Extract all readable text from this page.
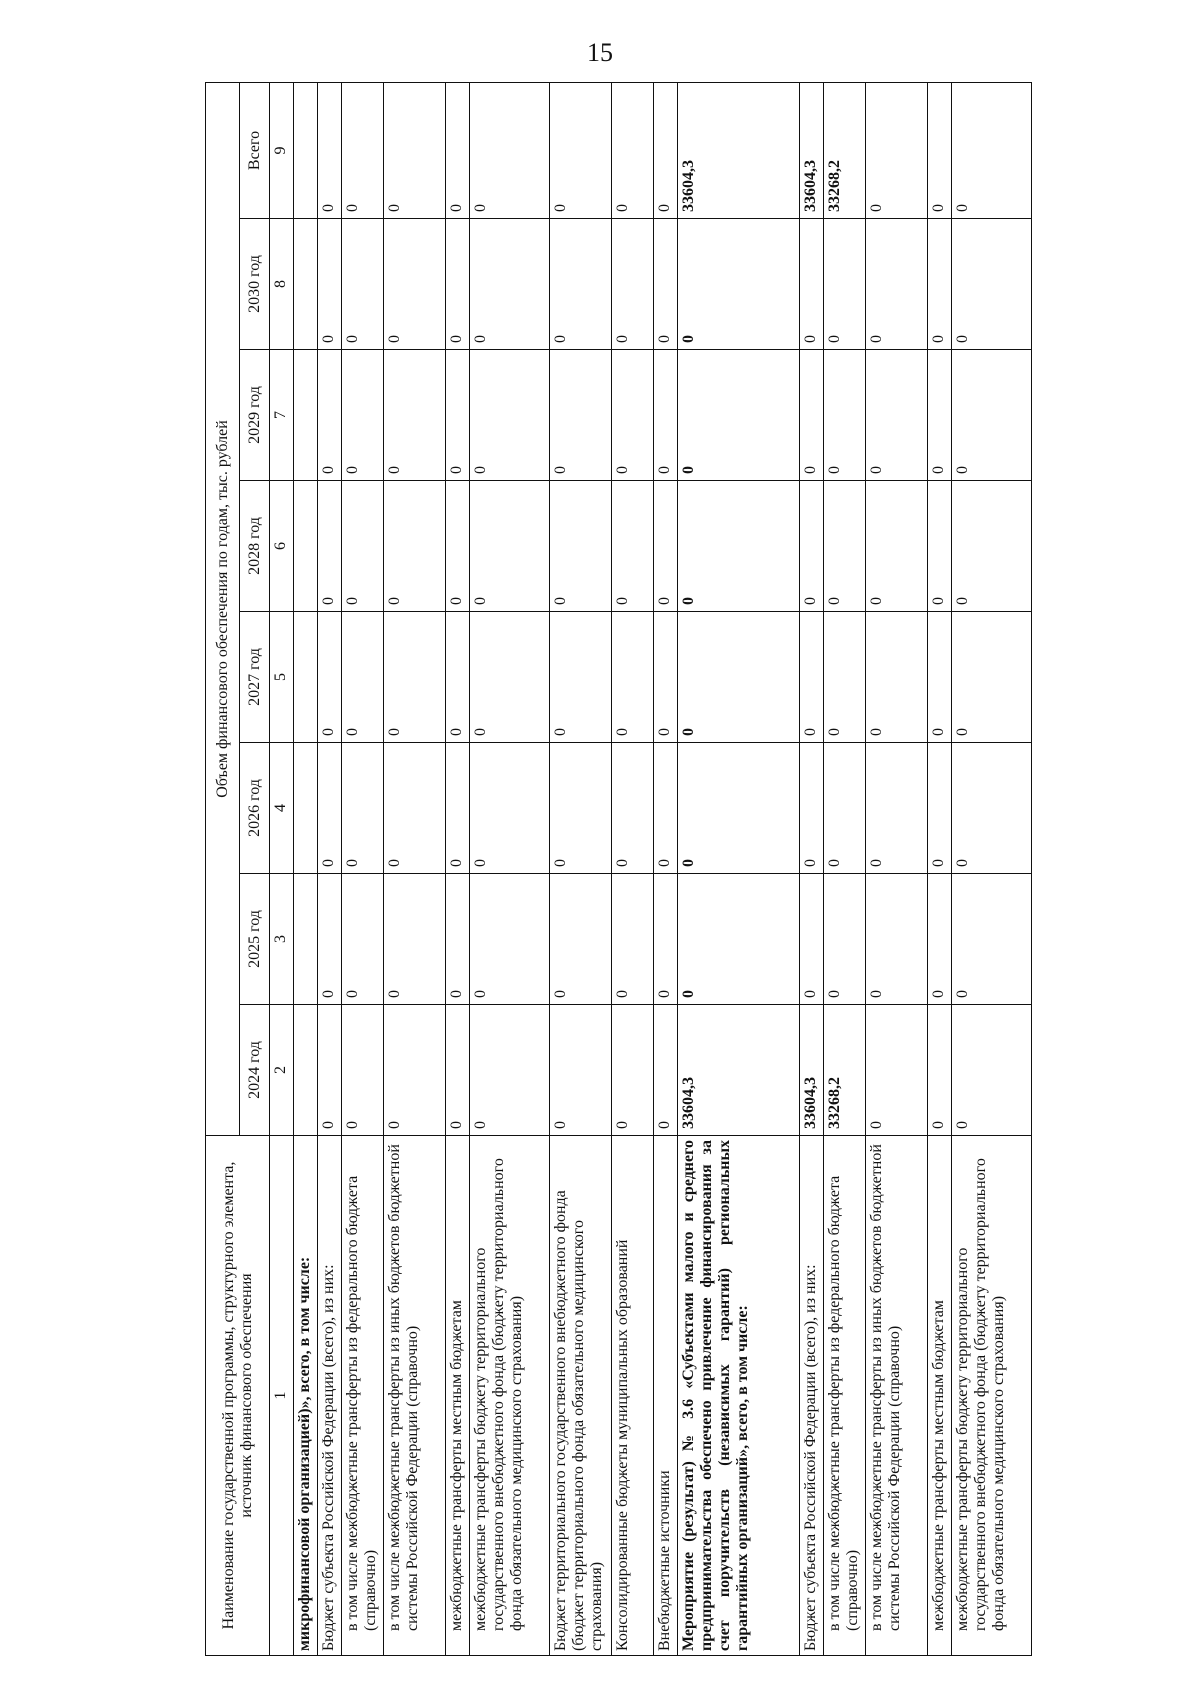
15
Наименование государственной программы, структурного элемента, источник финансового обеспечения	Объем финансового обеспечения по годам, тыс. рублей							
	2024 год	2025 год	2026 год	2027 год	2028 год	2029 год	2030 год	Всего
1	2	3	4	5	6	7	8	9
микрофинансовой организацией)», всего, в том числе:								
Бюджет субъекта Российской Федерации (всего), из них:	0	0	0	0	0	0	0	0
в том числе межбюджетные трансферты из федерального бюджета (справочно)	0	0	0	0	0	0	0	0
в том числе межбюджетные трансферты из иных бюджетов бюджетной системы Российской Федерации (справочно)	0	0	0	0	0	0	0	0
межбюджетные трансферты местным бюджетам	0	0	0	0	0	0	0	0
межбюджетные трансферты бюджету территориального государственного внебюджетного фонда (бюджету территориального фонда обязательного медицинского страхования)	0	0	0	0	0	0	0	0
Бюджет территориального государственного внебюджетного фонда (бюджет территориального фонда обязательного медицинского страхования)	0	0	0	0	0	0	0	0
Консолидированные бюджеты муниципальных образований	0	0	0	0	0	0	0	0
Внебюджетные источники	0	0	0	0	0	0	0	0
Мероприятие (результат) № 3.6 «Субъектами малого и среднего предпринимательства обеспечено привлечение финансирования за счет поручительств (независимых гарантий) региональных гарантийных организаций», всего, в том числе:	33604,3	0	0	0	0	0	0	33604,3
Бюджет субъекта Российской Федерации (всего), из них:	33604,3	0	0	0	0	0	0	33604,3
в том числе межбюджетные трансферты из федерального бюджета (справочно)	33268,2	0	0	0	0	0	0	33268,2
в том числе межбюджетные трансферты из иных бюджетов бюджетной системы Российской Федерации (справочно)	0	0	0	0	0	0	0	0
межбюджетные трансферты местным бюджетам	0	0	0	0	0	0	0	0
межбюджетные трансферты бюджету территориального государственного внебюджетного фонда (бюджету территориального фонда обязательного медицинского страхования)	0	0	0	0	0	0	0	0
